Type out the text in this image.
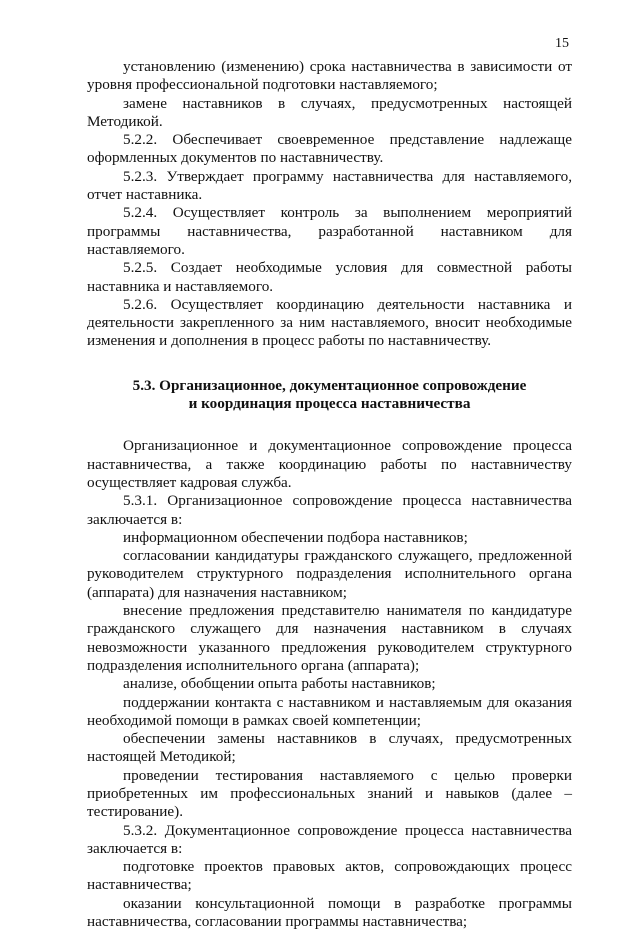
15

установлению (изменению) срока наставничества в зависимости от уровня профессиональной подготовки наставляемого;

замене наставников в случаях, предусмотренных настоящей Методикой.

5.2.2. Обеспечивает своевременное представление надлежаще оформленных документов по наставничеству.

5.2.3. Утверждает программу наставничества для наставляемого, отчет наставника.

5.2.4. Осуществляет контроль за выполнением мероприятий программы наставничества, разработанной наставником для наставляемого.

5.2.5. Создает необходимые условия для совместной работы наставника и наставляемого.

5.2.6. Осуществляет координацию деятельности наставника и деятельности закрепленного за ним наставляемого, вносит необходимые изменения и дополнения в процесс работы по наставничеству.

5.3. Организационное, документационное сопровождение
и координация процесса наставничества

Организационное и документационное сопровождение процесса наставничества, а также координацию работы по наставничеству осуществляет кадровая служба.

5.3.1. Организационное сопровождение процесса наставничества заключается в:

информационном обеспечении подбора наставников;

согласовании кандидатуры гражданского служащего, предложенной руководителем структурного подразделения исполнительного органа (аппарата) для назначения наставником;

внесение предложения представителю нанимателя по кандидатуре гражданского служащего для назначения наставником в случаях невозможности указанного предложения руководителем структурного подразделения исполнительного органа (аппарата);

анализе, обобщении опыта работы наставников;

поддержании контакта с наставником и наставляемым для оказания необходимой помощи в рамках своей компетенции;

обеспечении замены наставников в случаях, предусмотренных настоящей Методикой;

проведении тестирования наставляемого с целью проверки приобретенных им профессиональных знаний и навыков (далее – тестирование).

5.3.2. Документационное сопровождение процесса наставничества заключается в:

подготовке проектов правовых актов, сопровождающих процесс наставничества;

оказании консультационной помощи в разработке программы наставничества, согласовании программы наставничества;
